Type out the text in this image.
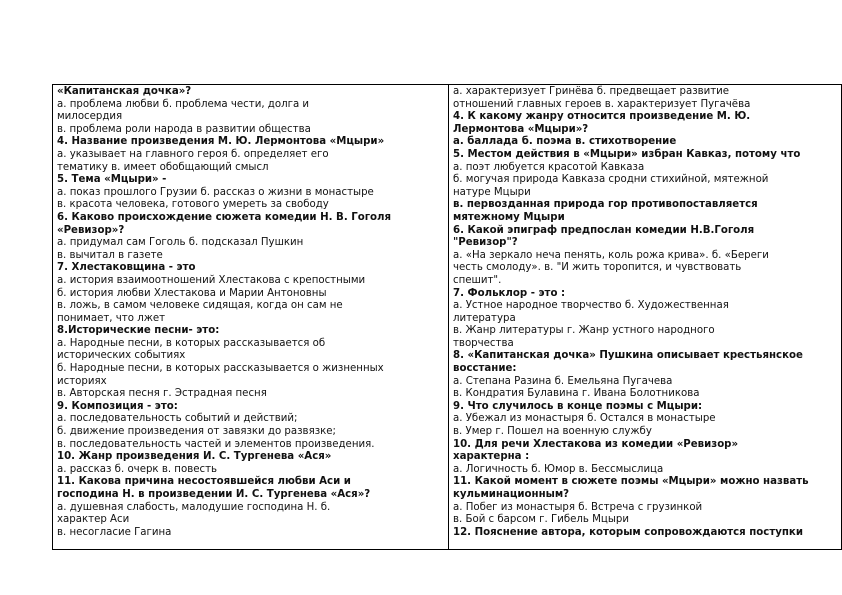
«Капитанская дочка»?
а. проблема любви б. проблема чести, долга и
милосердия
в. проблема роли народа в развитии общества
4. Название произведения М. Ю. Лермонтова «Мцыри»
а. указывает на главного героя б. определяет его
тематику в. имеет обобщающий смысл
5. Тема «Мцыри» -
а. показ прошлого Грузии б. рассказ о жизни в монастыре
в. красота человека, готового умереть за свободу
6. Каково происхождение сюжета комедии Н. В. Гоголя
«Ревизор»?
а. придумал сам Гоголь б. подсказал Пушкин
в. вычитал в газете
7. Хлестаковщина - это
а. история взаимоотношений Хлестакова с крепостными
б. история любви Хлестакова и Марии Антоновны
в. ложь, в самом человеке сидящая, когда он сам не
понимает, что лжет
8.Исторические песни- это:
а. Народные песни, в которых рассказывается об
исторических событиях
б. Народные песни, в которых рассказывается о жизненных
историях
в. Авторская песня г. Эстрадная песня
9. Композиция - это:
а. последовательность событий и действий;
б. движение произведения от завязки до развязке;
в. последовательность частей и элементов произведения.
10. Жанр произведения И. С. Тургенева «Ася»
а. рассказ б. очерк в. повесть
11. Какова причина несостоявшейся любви Аси и
господина Н. в произведении И. С. Тургенева «Ася»?
а. душевная слабость, малодушие господина Н. б.
характер Аси
в. несогласие Гагина
а. характеризует Гринёва б. предвещает развитие
отношений главных героев в. характеризует Пугачёва
4. К какому жанру относится произведение М. Ю.
Лермонтова «Мцыри»?
а. баллада б. поэма в. стихотворение
5. Местом действия в «Мцыри» избран Кавказ, потому что
а. поэт любуется красотой Кавказа
б. могучая природа Кавказа сродни стихийной, мятежной
натуре Мцыри
в. первозданная природа гор противопоставляется
мятежному Мцыри
6. Какой эпиграф предпослан комедии Н.В.Гоголя
"Ревизор"?
а. «На зеркало неча пенять, коль рожа крива». б. «Береги
честь смолоду». в. "И жить торопится, и чувствовать
спешит".
7. Фольклор - это :
а. Устное народное творчество б. Художественная
литература
в. Жанр литературы г. Жанр устного народного
творчества
8. «Капитанская дочка» Пушкина описывает крестьянское
восстание:
а. Степана Разина б. Емельяна Пугачева
в. Кондратия Булавина г. Ивана Болотникова
9. Что случилось в конце поэмы с Мцыри:
а. Убежал из монастыря б. Остался в монастыре
в. Умер г. Пошел на военную службу
10. Для речи Хлестакова из комедии «Ревизор»
характерна :
а. Логичность б. Юмор в. Бессмыслица
11. Какой момент в сюжете поэмы «Мцыри» можно назвать
кульминационным?
а. Побег из монастыря б. Встреча с грузинкой
в. Бой с барсом г. Гибель Мцыри
12. Пояснение автора, которым сопровождаются поступки
